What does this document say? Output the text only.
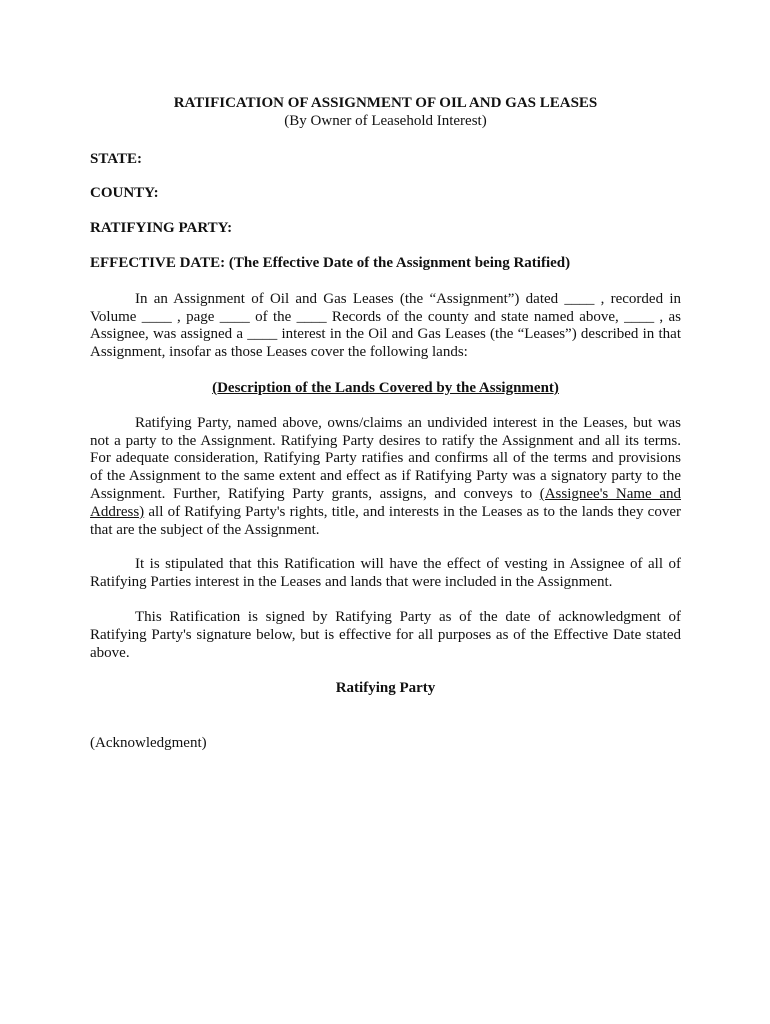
RATIFICATION OF ASSIGNMENT OF OIL AND GAS LEASES

(By Owner of Leasehold Interest)

STATE:

COUNTY:

RATIFYING PARTY:

EFFECTIVE DATE: (The Effective Date of the Assignment being Ratified)

In an Assignment of Oil and Gas Leases (the “Assignment”) dated ____ , recorded in Volume ____ , page ____ of the ____ Records of the county and state named above, ____ , as Assignee, was assigned a ____ interest in the Oil and Gas Leases (the “Leases”) described in that Assignment, insofar as those Leases cover the following lands:

(Description of the Lands Covered by the Assignment)

Ratifying Party, named above, owns/claims an undivided interest in the Leases, but was not a party to the Assignment. Ratifying Party desires to ratify the Assignment and all its terms. For adequate consideration, Ratifying Party ratifies and confirms all of the terms and provisions of the Assignment to the same extent and effect as if Ratifying Party was a signatory party to the Assignment. Further, Ratifying Party grants, assigns, and conveys to (Assignee's Name and Address) all of Ratifying Party's rights, title, and interests in the Leases as to the lands they cover that are the subject of the Assignment.

It is stipulated that this Ratification will have the effect of vesting in Assignee of all of Ratifying Parties interest in the Leases and lands that were included in the Assignment.

This Ratification is signed by Ratifying Party as of the date of acknowledgment of Ratifying Party's signature below, but is effective for all purposes as of the Effective Date stated above.

Ratifying Party

(Acknowledgment)
